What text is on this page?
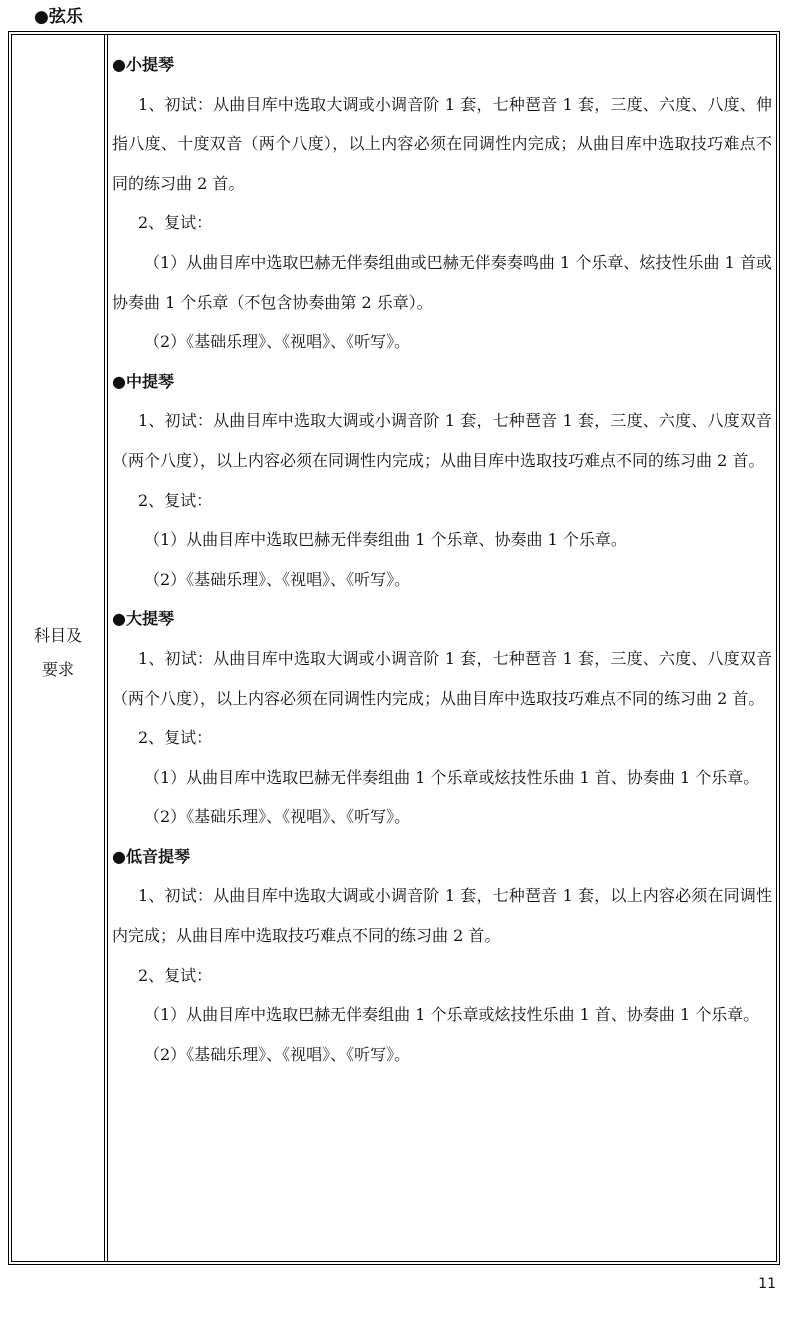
●弦乐
科目及要求

●小提琴

1、初试：从曲目库中选取大调或小调音阶 1 套，七种琶音 1 套，三度、六度、八度、伸指八度、十度双音（两个八度），以上内容必须在同调性内完成；从曲目库中选取技巧难点不同的练习曲 2 首。

2、复试：

（1）从曲目库中选取巴赫无伴奏组曲或巴赫无伴奏奏鸣曲 1 个乐章、炫技性乐曲 1 首或协奏曲 1 个乐章（不包含协奏曲第 2 乐章）。

（2）《基础乐理》、《视唱》、《听写》。

●中提琴

1、初试：从曲目库中选取大调或小调音阶 1 套，七种琶音 1 套，三度、六度、八度双音（两个八度），以上内容必须在同调性内完成；从曲目库中选取技巧难点不同的练习曲 2 首。

2、复试：

（1）从曲目库中选取巴赫无伴奏组曲 1 个乐章、协奏曲 1 个乐章。

（2）《基础乐理》、《视唱》、《听写》。

●大提琴

1、初试：从曲目库中选取大调或小调音阶 1 套，七种琶音 1 套，三度、六度、八度双音（两个八度），以上内容必须在同调性内完成；从曲目库中选取技巧难点不同的练习曲 2 首。

2、复试：

（1）从曲目库中选取巴赫无伴奏组曲 1 个乐章或炫技性乐曲 1 首、协奏曲 1 个乐章。

（2）《基础乐理》、《视唱》、《听写》。

●低音提琴

1、初试：从曲目库中选取大调或小调音阶 1 套，七种琶音 1 套，以上内容必须在同调性内完成；从曲目库中选取技巧难点不同的练习曲 2 首。

2、复试：

（1）从曲目库中选取巴赫无伴奏组曲 1 个乐章或炫技性乐曲 1 首、协奏曲 1 个乐章。

（2）《基础乐理》、《视唱》、《听写》。

11
